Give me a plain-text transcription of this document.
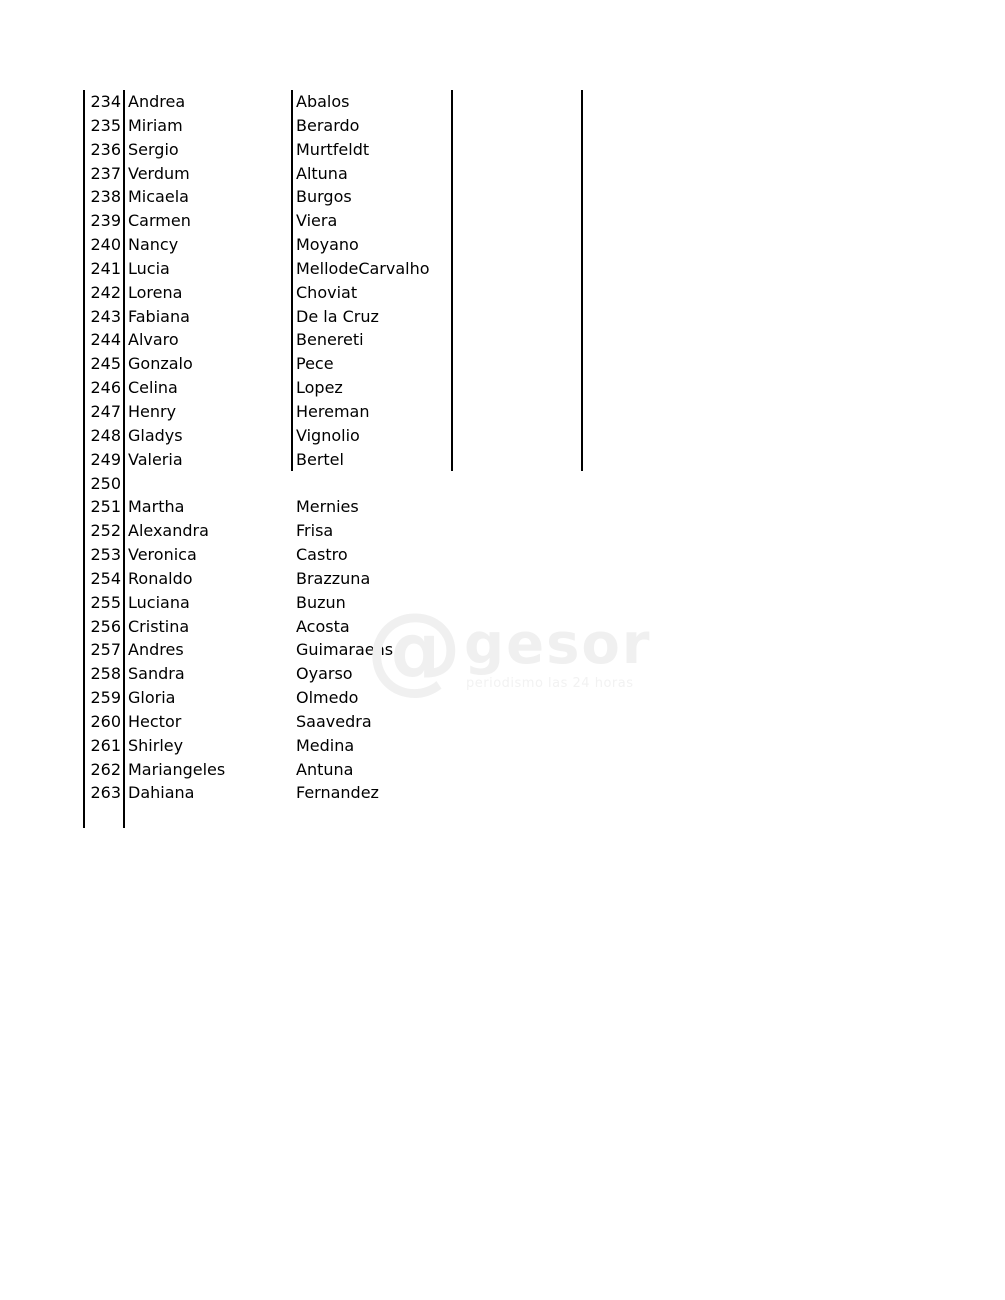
234 Andrea	Abalos
235 Miriam	Berardo
236 Sergio	Murtfeldt
237 Verdum	Altuna
238 Micaela	Burgos
239 Carmen	Viera
240 Nancy	Moyano
241 Lucia	MellodeCarvalho
242 Lorena	Choviat
243 Fabiana	De la Cruz
244 Alvaro	Benereti
245 Gonzalo	Pece
246 Celina	Lopez
247 Henry	Hereman
248 Gladys	Vignolio
249 Valeria	Bertel
250
251 Martha	Mernies
252 Alexandra	Frisa
253 Veronica	Castro
254 Ronaldo	Brazzuna
255 Luciana	Buzun
256 Cristina	Acosta
257 Andres	Guimaraens
258 Sandra	Oyarso
259 Gloria	Olmedo
260 Hector	Saavedra
261 Shirley	Medina
262 Mariangeles	Antuna
263 Dahiana	Fernandez
@ gesor
periodismo las 24 horas
